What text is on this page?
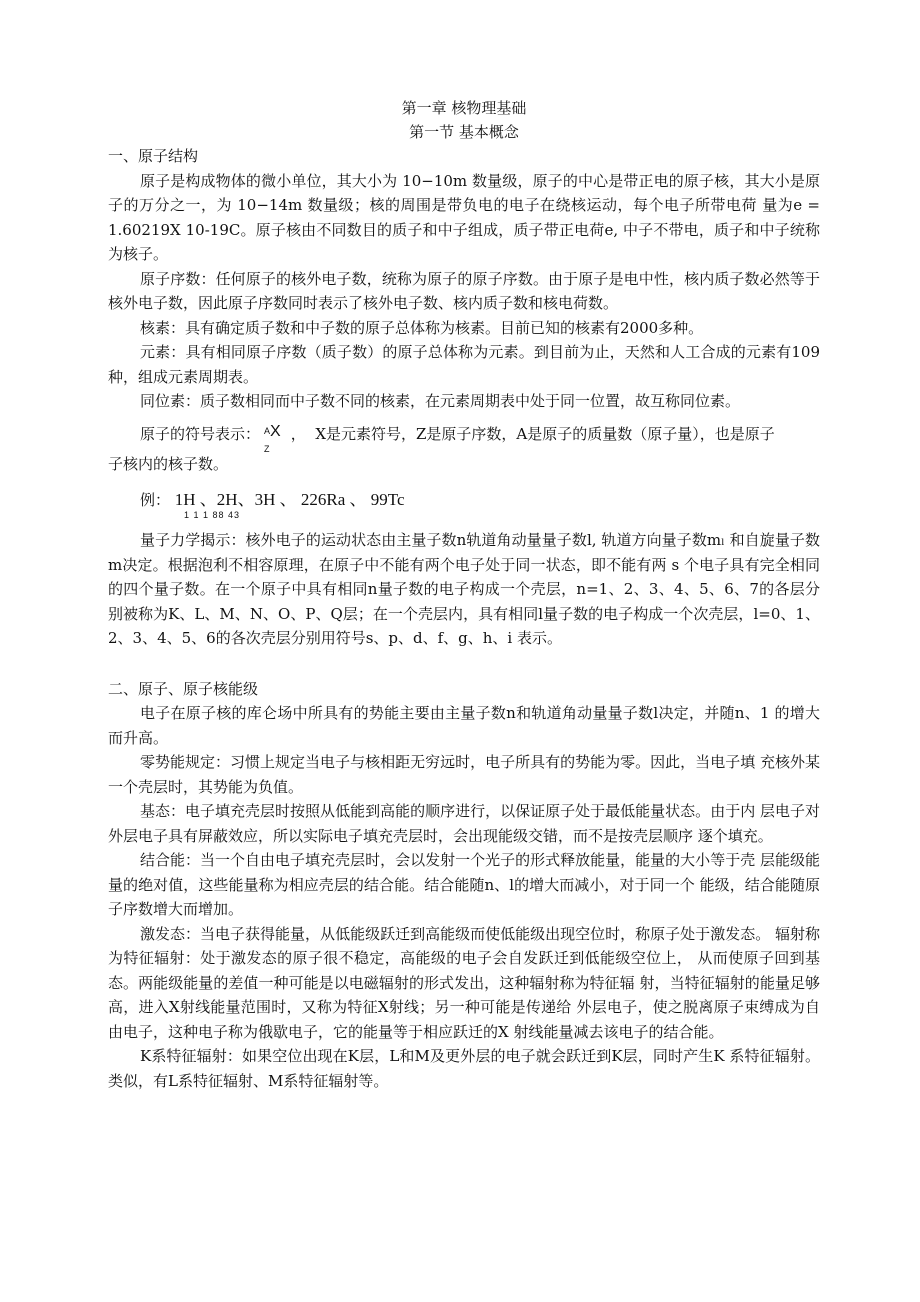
第一章 核物理基础
第一节 基本概念
一、原子结构

原子是构成物体的微小单位，其大小为 10−10m 数量级，原子的中心是带正电的原子核，其大小是原子的万分之一，为 10−14m 数量级；核的周围是带负电的电子在绕核运动，每个电子所带电荷 量为e = 1.60219X 10-19C。原子核由不同数目的质子和中子组成，质子带正电荷e, 中子不带电，质子和中子统称为核子。

原子序数：任何原子的核外电子数，统称为原子的原子序数。由于原子是电中性，核内质子数必然等于核外电子数，因此原子序数同时表示了核外电子数、核内质子数和核电荷数。

核素：具有确定质子数和中子数的原子总体称为核素。目前已知的核素有2000多种。

元素：具有相同原子序数（质子数）的原子总体称为元素。到目前为止，天然和人工合成的元素有109种，组成元素周期表。

同位素：质子数相同而中子数不同的核素，在元素周期表中处于同一位置，故互称同位素。

原子的符号表示： A X
Z
，  X是元素符号，Z是原子序数，A是原子的质量数（原子量），也是原子
子核内的核子数。
例： 1H 、2H、3H 、 226Ra 、 99Tc
1 1 1 88 43

量子力学揭示：核外电子的运动状态由主量子数n轨道角动量量子数l, 轨道方向量子数mₗ 和自旋量子数m决定。根据泡利不相容原理，在原子中不能有两个电子处于同一状态，即不能有两 s 个电子具有完全相同的四个量子数。在一个原子中具有相同n量子数的电子构成一个壳层，n=1、2、3、4、5、6、7的各层分别被称为K、L、M、N、O、P、Q层；在一个壳层内，具有相同l量子数的电子构成一个次壳层，l=0、1、2、3、4、5、6的各次壳层分别用符号s、p、d、f、g、h、i 表示。

二、原子、原子核能级

电子在原子核的库仑场中所具有的势能主要由主量子数n和轨道角动量量子数l决定，并随n、1 的增大而升高。

零势能规定：习惯上规定当电子与核相距无穷远时，电子所具有的势能为零。因此，当电子填 充核外某一个壳层时，其势能为负值。

基态：电子填充壳层时按照从低能到高能的顺序进行，以保证原子处于最低能量状态。由于内 层电子对外层电子具有屏蔽效应，所以实际电子填充壳层时，会出现能级交错，而不是按壳层顺序 逐个填充。

结合能：当一个自由电子填充壳层时，会以发射一个光子的形式释放能量，能量的大小等于壳 层能级能量的绝对值，这些能量称为相应壳层的结合能。结合能随n、l的增大而减小，对于同一个 能级，结合能随原子序数增大而增加。

激发态：当电子获得能量，从低能级跃迁到高能级而使低能级出现空位时，称原子处于激发态。 辐射称为特征辐射：处于激发态的原子很不稳定，高能级的电子会自发跃迁到低能级空位上， 从而使原子回到基态。两能级能量的差值一种可能是以电磁辐射的形式发出，这种辐射称为特征辐 射，当特征辐射的能量足够高，进入X射线能量范围时，又称为特征X射线；另一种可能是传递给 外层电子，使之脱离原子束缚成为自由电子，这种电子称为俄歇电子，它的能量等于相应跃迁的X 射线能量减去该电子的结合能。

K系特征辐射：如果空位出现在K层，L和M及更外层的电子就会跃迁到K层，同时产生K 系特征辐射。类似，有L系特征辐射、M系特征辐射等。
